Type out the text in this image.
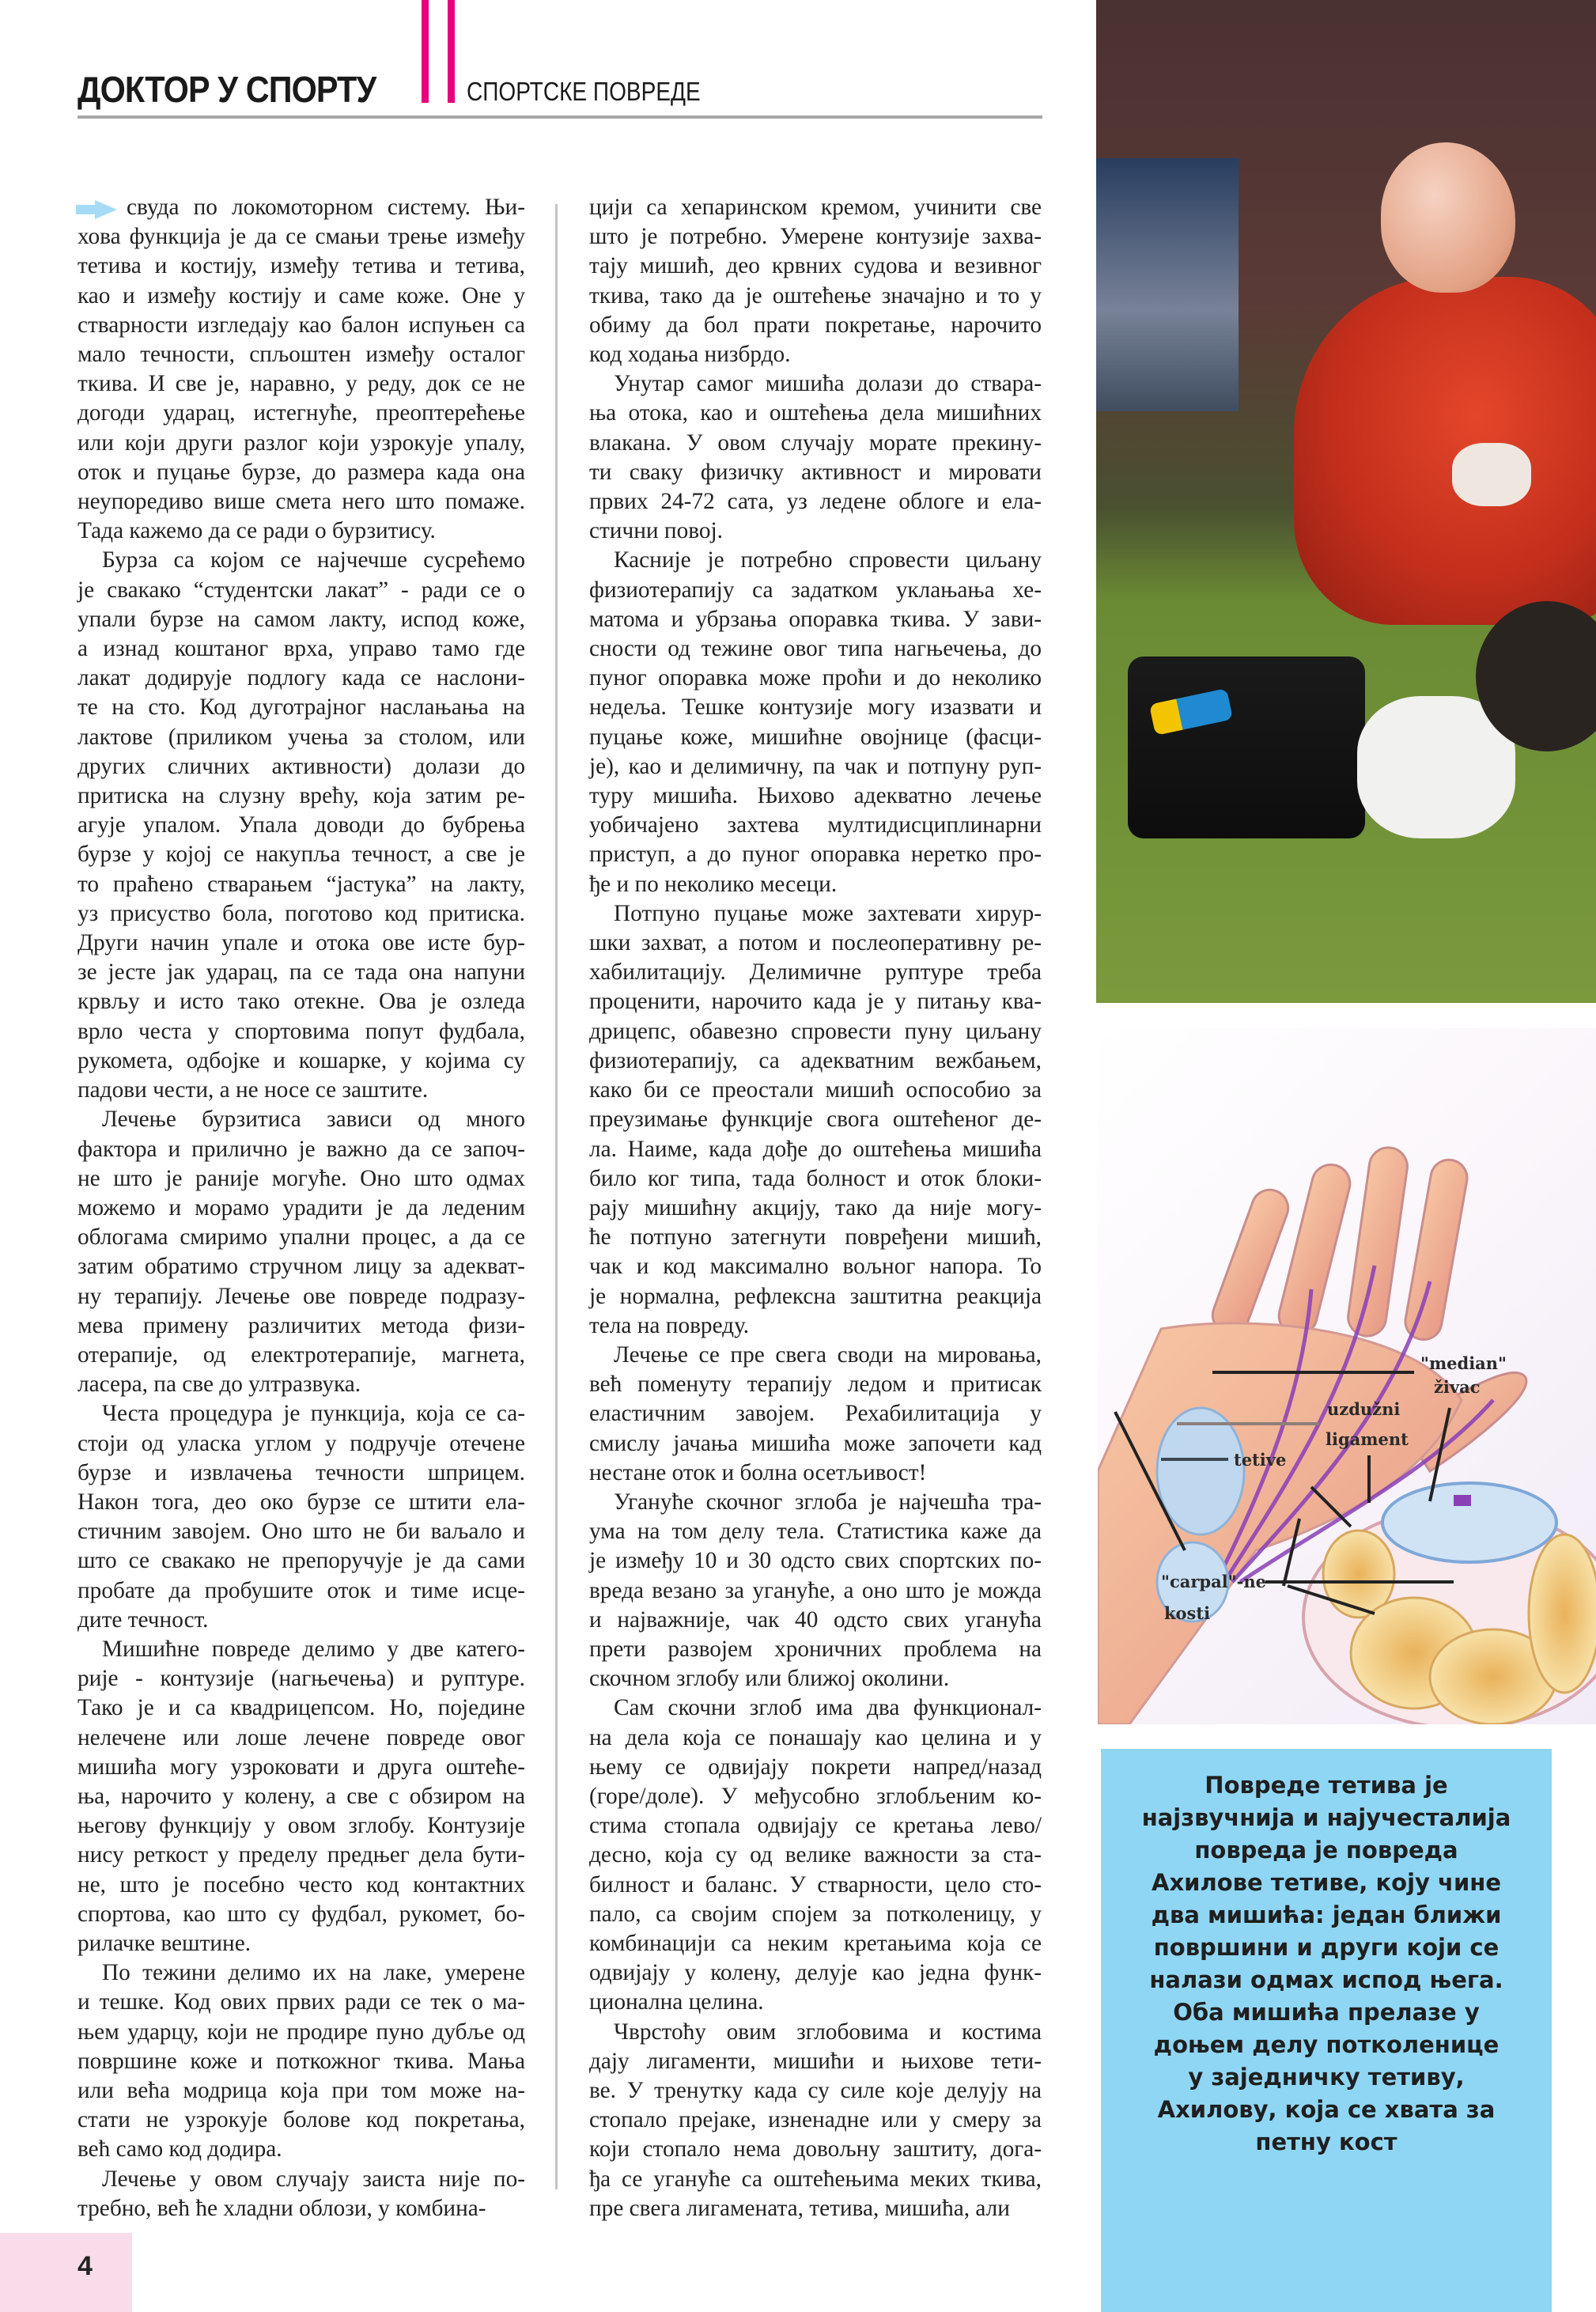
ДОКТОР У СПОРТУ	СПОРТСКЕ ПОВРЕДЕ

свуда по локомоторном систему. Њи-
хова функција је да се смањи трење између
тетива и костију, између тетива и тетива,
као и између костију и саме коже. Оне у
стварности изгледају као балон испуњен са
мало течности, спљоштен између осталог
ткива. И све је, наравно, у реду, док се не
догоди ударац, истегнуће, преоптерећење
или који други разлог који узрокује упалу,
оток и пуцање бурзе, до размера када она
неупоредиво више смета него што помаже.
Тада кажемо да се ради о бурзитису.

Бурза са којом се најчечше сусрећемо
је свакако “студентски лакат” - ради се о
упали бурзе на самом лакту, испод коже,
а изнад коштаног врха, управо тамо где
лакат додирује подлогу када се наслони-
те на сто. Код дуготрајног наслањања на
лактове (приликом учења за столом, или
других сличних активности) долази до
притиска на слузну врећу, која затим ре-
агује упалом. Упала доводи до бубрења
бурзе у којој се накупља течност, а све је
то праћено стварањем “јастука” на лакту,
уз присуство бола, поготово код притиска.
Други начин упале и отока ове исте бур-
зе јесте јак ударац, па се тада она напуни
крвљу и исто тако отекне. Ова је озледа
врло честа у спортовима попут фудбала,
рукомета, одбојке и кошарке, у којима су
падови чести, а не носе се заштите.

Лечење бурзитиса зависи од много
фактора и прилично је важно да се започ-
не што је раније могуће. Оно што одмах
можемо и морамо урадити је да леденим
облогама смиримо упални процес, а да се
затим обратимо стручном лицу за адекват-
ну терапију. Лечење ове повреде подразу-
мева примену различитих метода физи-
отерапије, од електротерапије, магнета,
ласера, па све до ултразвука.

Честа процедура је пункција, која се са-
стоји од уласка углом у подручје отечене
бурзе и извлачења течности шприцем.
Након тога, део око бурзе се штити ела-
стичним завојем. Оно што не би ваљало и
што се свакако не препоручује је да сами
пробате да пробушите оток и тиме исце-
дите течност.

Мишићне повреде делимо у две катего-
рије - контузије (нагњечења) и руптуре.
Тако је и са квадрицепсом. Но, поједине
нелечене или лоше лечене повреде овог
мишића могу узроковати и друга оштеће-
ња, нарочито у колену, а све с обзиром на
његову функцију у овом зглобу. Контузије
нису реткост у пределу предњег дела бути-
не, што је посебно често код контактних
спортова, као што су фудбал, рукомет, бо-
рилачке вештине.

По тежини делимо их на лаке, умерене
и тешке. Код ових првих ради се тек о ма-
њем ударцу, који не продире пуно дубље од
површине коже и поткожног ткива. Мања
или већа модрица која при том може на-
стати не узрокује болове код покретања,
већ само код додира.

Лечење у овом случају заиста није по-
требно, већ ће хладни облози, у комбина-

цији са хепаринском кремом, учинити све
што је потребно. Умерене контузије захва-
тају мишић, део крвних судова и везивног
ткива, тако да је оштећење значајно и то у
обиму да бол прати покретање, нарочито
код ходања низбрдо.

Унутар самог мишића долази до ствара-
ња отока, као и оштећења дела мишићних
влакана. У овом случају морате прекину-
ти сваку физичку активност и мировати
првих 24-72 сата, уз ледене облоге и ела-
стични повој.

Касније је потребно спровести циљану
физиотерапију са задатком уклањања хе-
матома и убрзања опоравка ткива. У зави-
сности од тежине овог типа нагњечења, до
пуног опоравка може проћи и до неколико
недеља. Тешке контузије могу изазвати и
пуцање коже, мишићне овојнице (фасци-
је), као и делимичну, па чак и потпуну руп-
туру мишића. Њихово адекватно лечење
уобичајено захтева мултидисциплинарни
приступ, а до пуног опоравка неретко про-
ђе и по неколико месеци.

Потпуно пуцање може захтевати хирур-
шки захват, а потом и послеоперативну ре-
хабилитацију. Делимичне руптуре треба
проценити, нарочито када је у питању ква-
дрицепс, обавезно спровести пуну циљану
физиотерапију, са адекватним вежбањем,
како би се преостали мишић оспособио за
преузимање функције свога оштећеног де-
ла. Наиме, када дође до оштећења мишића
било ког типа, тада болност и оток блоки-
рају мишићну акцију, тако да није могу-
ће потпуно затегнути повређени мишић,
чак и код максимално вољног напора. То
је нормална, рефлексна заштитна реакција
тела на повреду.

Лечење се пре свега своди на мировања,
већ поменуту терапију ледом и притисак
еластичним завојем. Рехабилитација у
смислу јачања мишића може започети кад
нестане оток и болна осетљивост!

Угануће скочног зглоба је најчешћа тра-
ума на том делу тела. Статистика каже да
је између 10 и 30 одсто свих спортских по-
вреда везано за угануће, а оно што је можда
и најважније, чак 40 одсто свих уганућа
прети развојем хроничних проблема на
скочном зглобу или ближој околини.

Сам скочни зглоб има два функционал-
на дела која се понашају као целина и у
њему се одвијају покрети напред/назад
(горе/доле). У међусобно зглобљеним ко-
стима стопала одвијају се кретања лево/
десно, која су од велике важности за ста-
билност и баланс. У стварности, цело сто-
пало, са својим спојем за потколеницу, у
комбинацији са неким кретањима која се
одвијају у колену, делује као једна функ-
ционална целина.

Чврстоћу овим зглобовима и костима
дају лигаменти, мишићи и њихове тети-
ве. У тренутку када су силе које делују на
стопало прејаке, изненадне или у смеру за
који стопало нема довољну заштиту, дога-
ђа се угануће са оштећењима меких ткива,
пре свега лигамената, тетива, мишића, али

"median"
živac
uzdužni
ligament
tetive
"carpal"-ne
kosti
Повреде тетива је
најзвучнија и најучесталија
повреда је повреда
Ахилове тетиве, коју чине
два мишића: један ближи
површини и други који се
налази одмах испод њега.
Оба мишића прелазе у
доњем делу потколенице
у заједничку тетиву,
Ахилову, која се хвата за
петну кост
4
